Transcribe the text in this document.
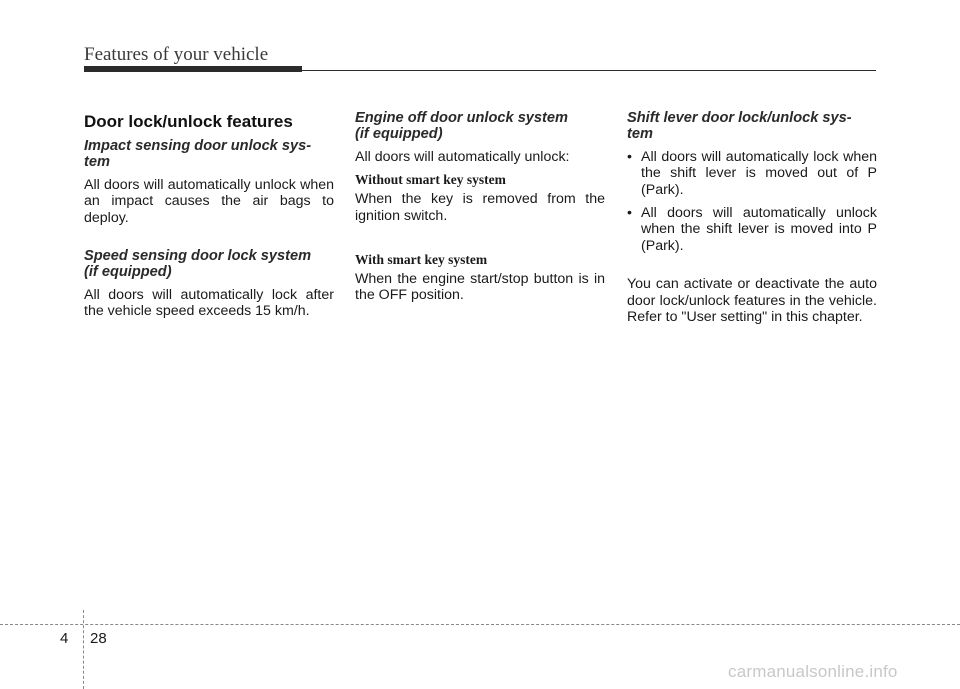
Features of your vehicle
Door lock/unlock features
Impact sensing door unlock sys-
tem

All doors will automatically unlock when an impact causes the air bags to deploy.

Speed sensing door lock system
(if equipped)

All doors will automatically lock after the vehicle speed exceeds 15 km/h.

Engine off door unlock system
(if equipped)

All doors will automatically unlock:

Without smart key system

When the key is removed from the ignition switch.

With smart key system

When the engine start/stop button is in the OFF position.

Shift lever door lock/unlock sys-
tem
• All doors will automatically lock when the shift lever is moved out of P (Park).
• All doors will automatically unlock when the shift lever is moved into P (Park).

You can activate or deactivate the auto door lock/unlock features in the vehicle. Refer to "User setting" in this chapter.

4 28
carmanualsonline.info
